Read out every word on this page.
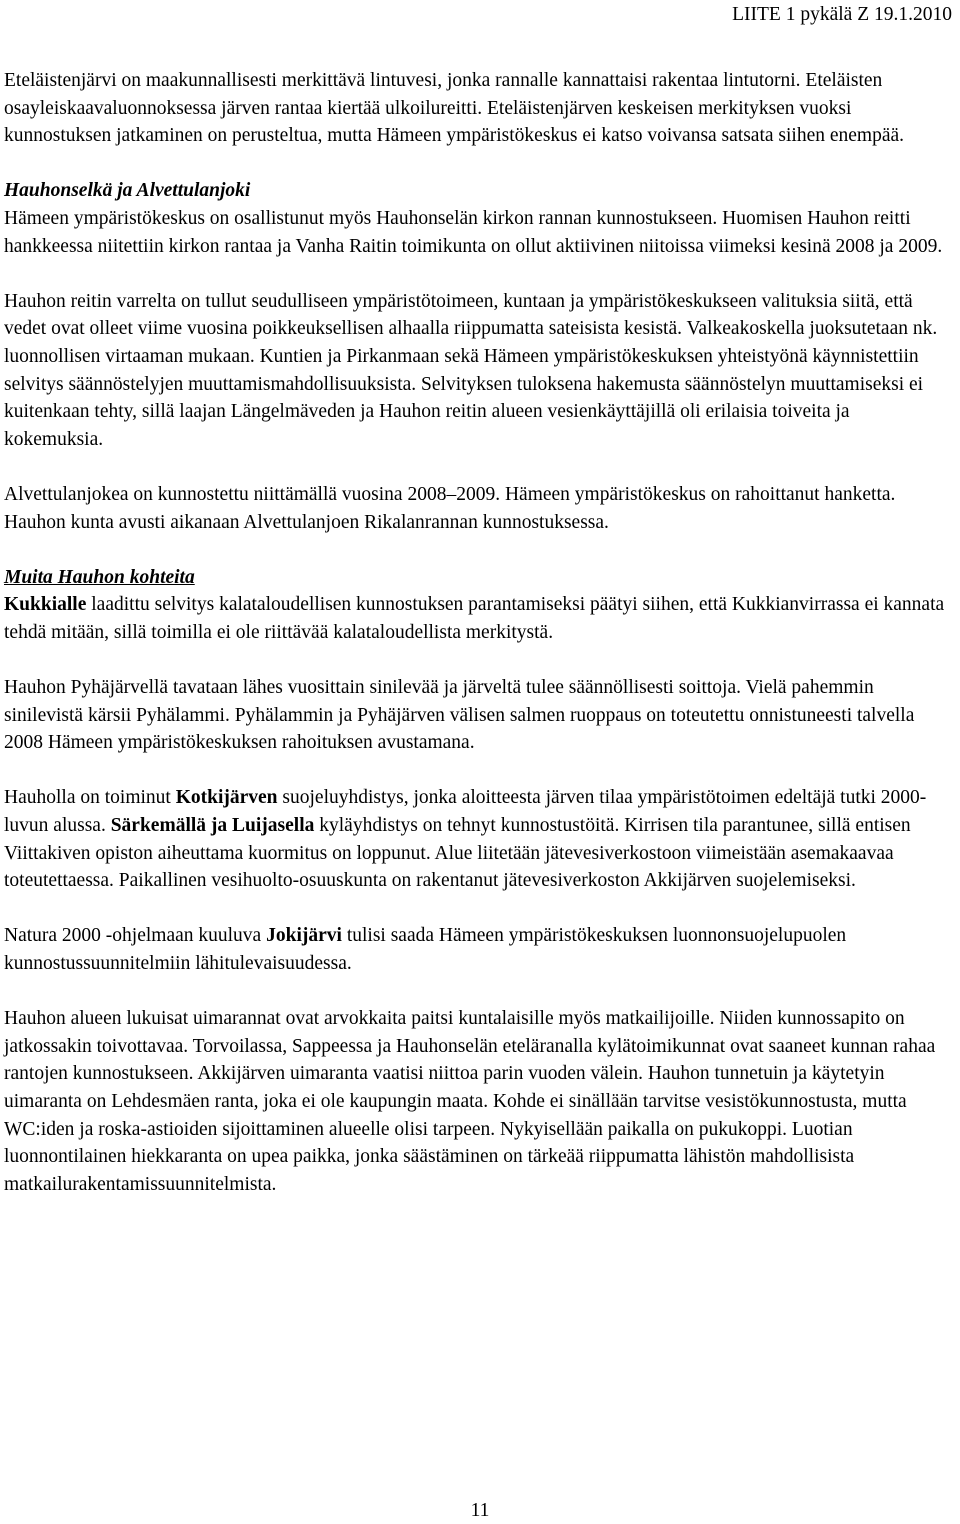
LIITE 1 pykälä Z 19.1.2010

Eteläistenjärvi on maakunnallisesti merkittävä lintuvesi, jonka rannalle kannattaisi rakentaa lintutorni. Eteläisten osayleiskaavaluonnoksessa järven rantaa kiertää ulkoilureitti. Eteläistenjärven keskeisen merkityksen vuoksi kunnostuksen jatkaminen on perusteltua, mutta Hämeen ympäristökeskus ei katso voivansa satsata siihen enempää.

Hauhonselkä ja Alvettulanjoki

Hämeen ympäristökeskus on osallistunut myös Hauhonselän kirkon rannan kunnostukseen. Huomisen Hauhon reitti hankkeessa niitettiin kirkon rantaa ja Vanha Raitin toimikunta on ollut aktiivinen niitoissa viimeksi kesinä 2008 ja 2009.

Hauhon reitin varrelta on tullut seudulliseen ympäristötoimeen, kuntaan ja ympäristökeskukseen valituksia siitä, että vedet ovat olleet viime vuosina poikkeuksellisen alhaalla riippumatta sateisista kesistä. Valkeakoskella juoksutetaan nk. luonnollisen virtaaman mukaan. Kuntien ja Pirkanmaan sekä Hämeen ympäristökeskuksen yhteistyönä käynnistettiin selvitys säännöstelyjen muuttamismahdollisuuksista. Selvityksen tuloksena hakemusta säännöstelyn muuttamiseksi ei kuitenkaan tehty, sillä laajan Längelmäveden ja Hauhon reitin alueen vesienkäyttäjillä oli erilaisia toiveita ja kokemuksia.

Alvettulanjokea on kunnostettu niittämällä vuosina 2008–2009. Hämeen ympäristökeskus on rahoittanut hanketta. Hauhon kunta avusti aikanaan Alvettulanjoen Rikalanrannan kunnostuksessa.

Muita Hauhon kohteita

Kukkialle laadittu selvitys kalataloudellisen kunnostuksen parantamiseksi päätyi siihen, että Kukkianvirrassa ei kannata tehdä mitään, sillä toimilla ei ole riittävää kalataloudellista merkitystä.

Hauhon Pyhäjärvellä tavataan lähes vuosittain sinilevää ja järveltä tulee säännöllisesti soittoja. Vielä pahemmin sinilevistä kärsii Pyhälammi. Pyhälammin ja Pyhäjärven välisen salmen ruoppaus on toteutettu onnistuneesti talvella 2008 Hämeen ympäristökeskuksen rahoituksen avustamana.

Hauholla on toiminut Kotkijärven suojeluyhdistys, jonka aloitteesta järven tilaa ympäristötoimen edeltäjä tutki 2000-luvun alussa. Särkemällä ja Luijasella kyläyhdistys on tehnyt kunnostustöitä. Kirrisen tila parantunee, sillä entisen Viittakiven opiston aiheuttama kuormitus on loppunut. Alue liitetään jätevesiverkostoon viimeistään asemakaavaa toteutettaessa. Paikallinen vesihuolto-osuuskunta on rakentanut jätevesiverkoston Akkijärven suojelemiseksi.

Natura 2000 -ohjelmaan kuuluva Jokijärvi tulisi saada Hämeen ympäristökeskuksen luonnonsuojelupuolen kunnostussuunnitelmiin lähitulevaisuudessa.

Hauhon alueen lukuisat uimarannat ovat arvokkaita paitsi kuntalaisille myös matkailijoille. Niiden kunnossapito on jatkossakin toivottavaa. Torvoilassa, Sappeessa ja Hauhonselän eteläranalla kylätoimikunnat ovat saaneet kunnan rahaa rantojen kunnostukseen. Akkijärven uimaranta vaatisi niittoa parin vuoden välein. Hauhon tunnetuin ja käytetyin uimaranta on Lehdesmäen ranta, joka ei ole kaupungin maata. Kohde ei sinällään tarvitse vesistökunnostusta, mutta WC:iden ja roska-astioiden sijoittaminen alueelle olisi tarpeen. Nykyisellään paikalla on pukukoppi. Luotian luonnontilainen hiekkaranta on upea paikka, jonka säästäminen on tärkeää riippumatta lähistön mahdollisista matkailurakentamissuunnitelmista.

11
